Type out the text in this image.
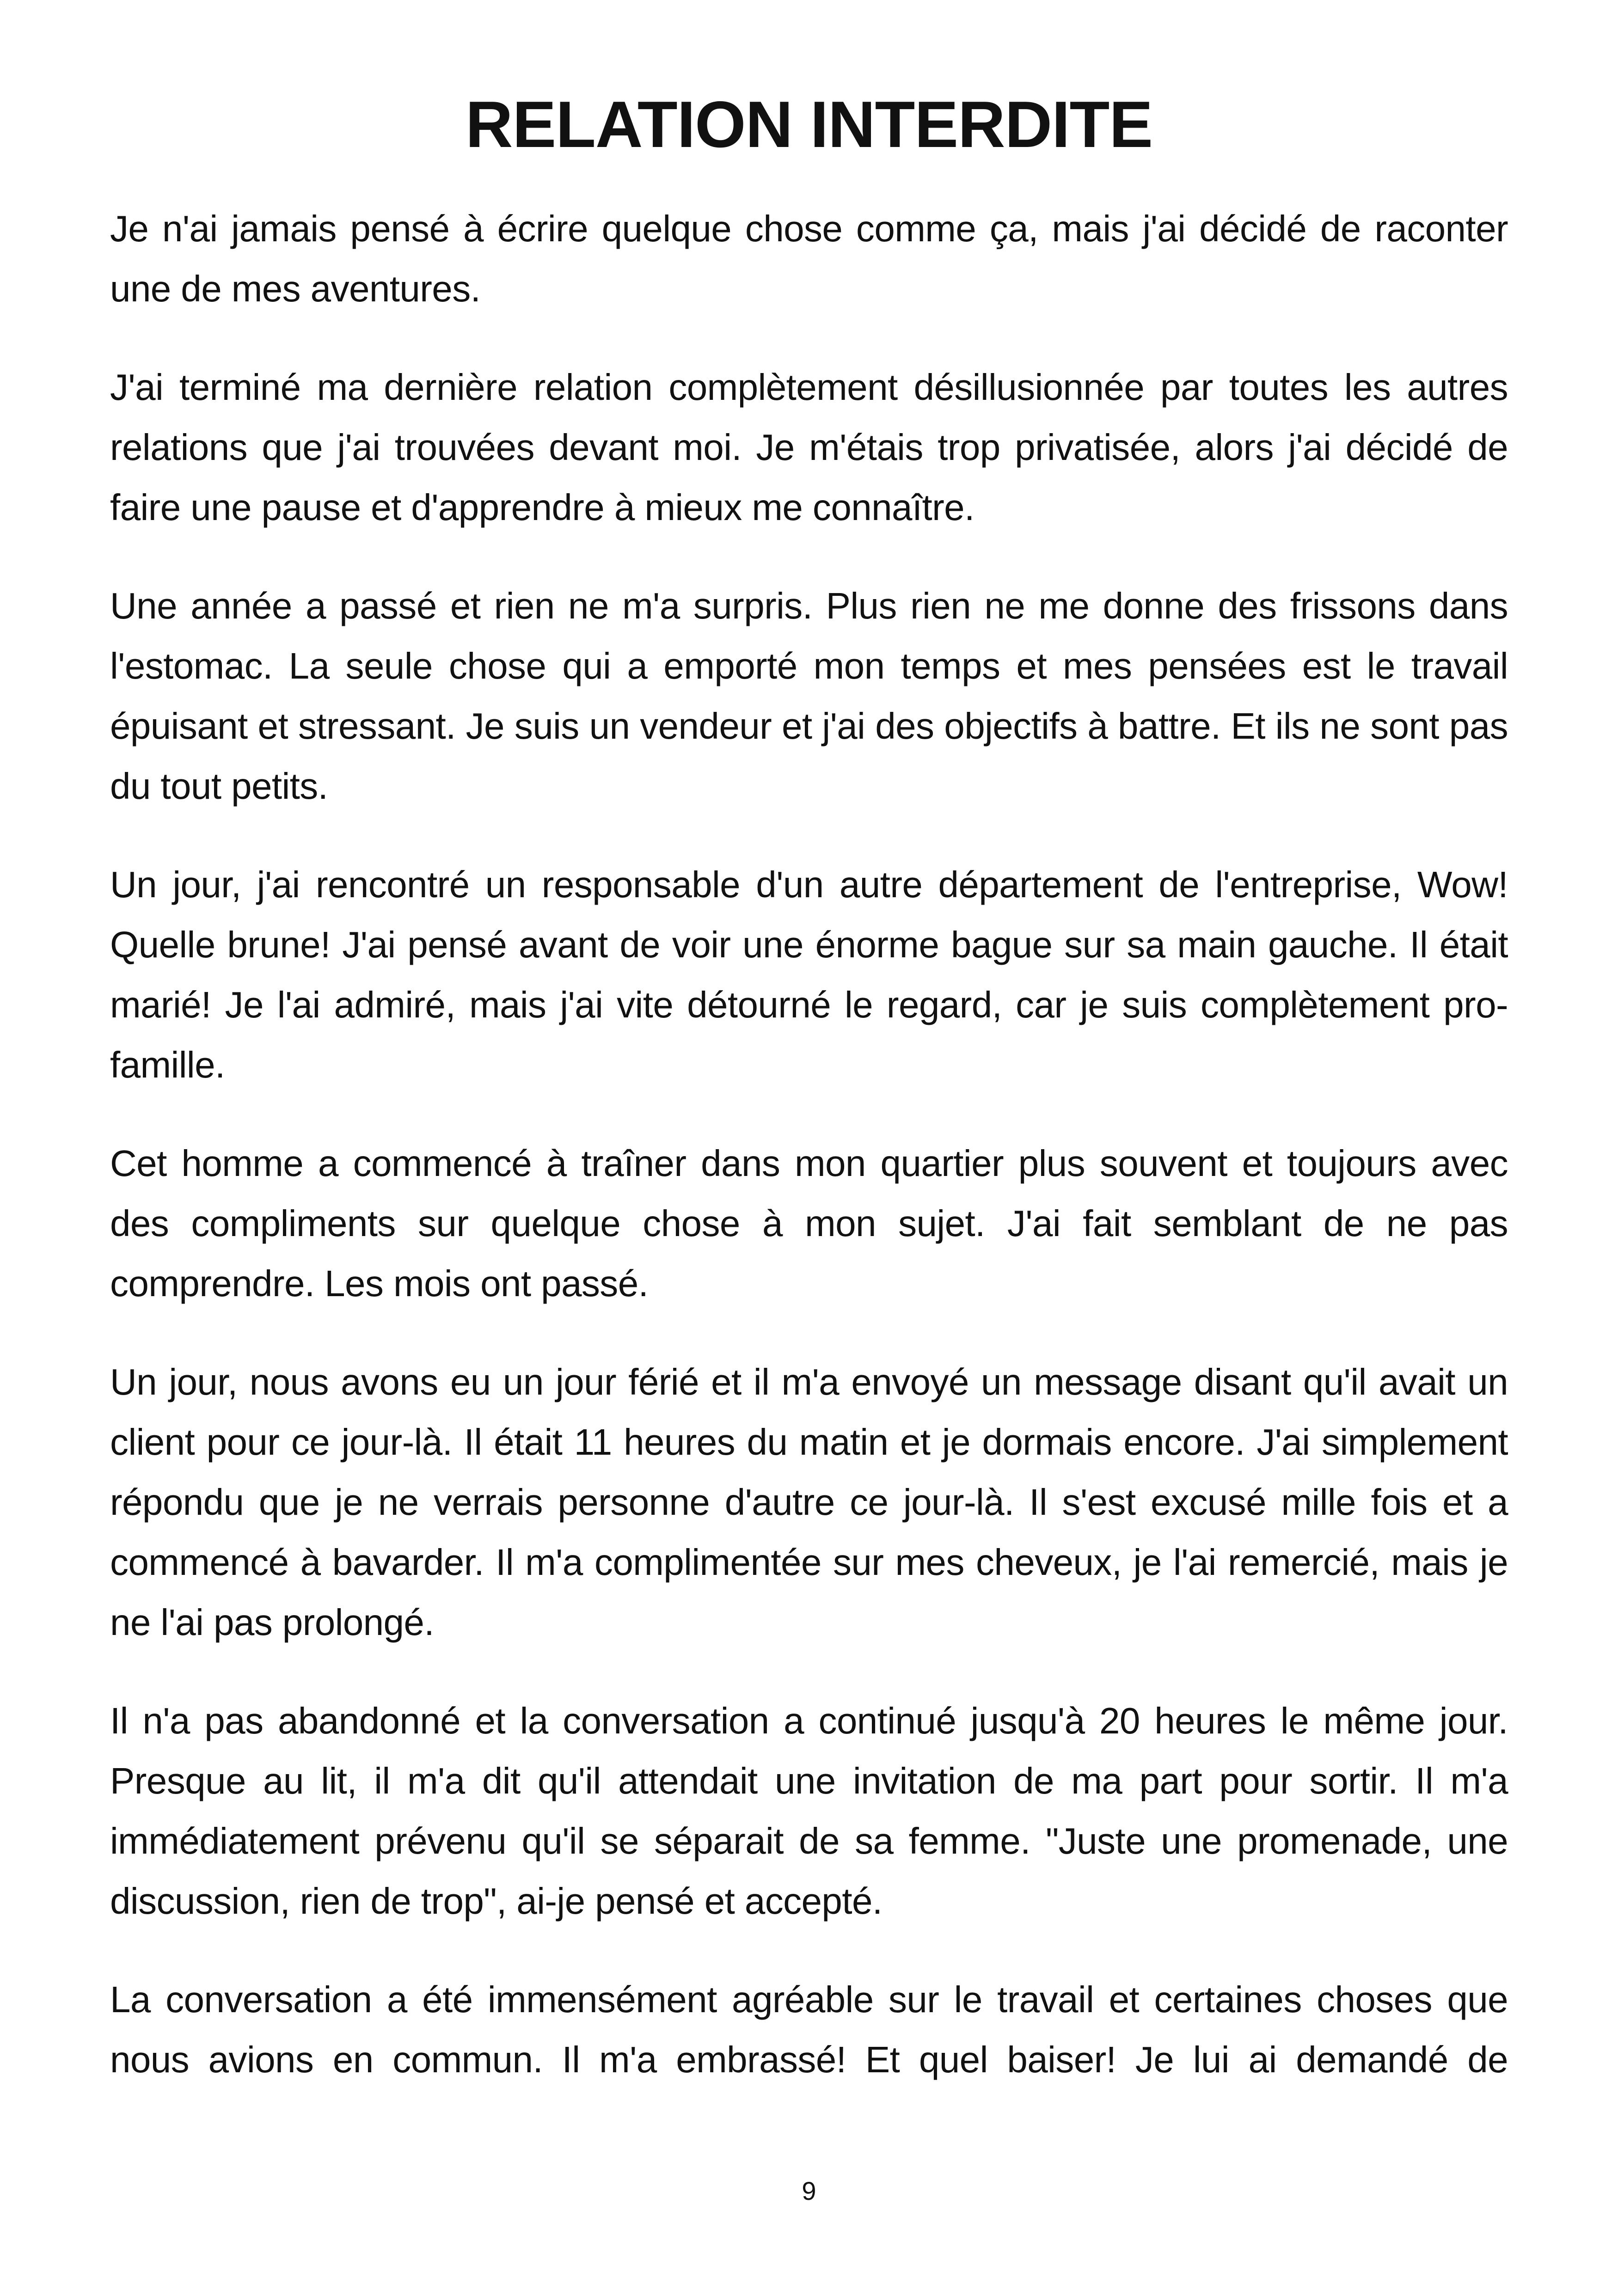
RELATION INTERDITE

Je n'ai jamais pensé à écrire quelque chose comme ça, mais j'ai décidé de raconter une de mes aventures.

J'ai terminé ma dernière relation complètement désillusionnée par toutes les autres relations que j'ai trouvées devant moi. Je m'étais trop privatisée, alors j'ai décidé de faire une pause et d'apprendre à mieux me connaître.

Une année a passé et rien ne m'a surpris. Plus rien ne me donne des frissons dans l'estomac. La seule chose qui a emporté mon temps et mes pensées est le travail épuisant et stressant. Je suis un vendeur et j'ai des objectifs à battre. Et ils ne sont pas du tout petits.

Un jour, j'ai rencontré un responsable d'un autre département de l'entreprise, Wow! Quelle brune! J'ai pensé avant de voir une énorme bague sur sa main gauche. Il était marié! Je l'ai admiré, mais j'ai vite détourné le regard, car je suis complètement pro-famille.

Cet homme a commencé à traîner dans mon quartier plus souvent et toujours avec des compliments sur quelque chose à mon sujet. J'ai fait semblant de ne pas comprendre. Les mois ont passé.

Un jour, nous avons eu un jour férié et il m'a envoyé un message disant qu'il avait un client pour ce jour-là. Il était 11 heures du matin et je dormais encore. J'ai simplement répondu que je ne verrais personne d'autre ce jour-là. Il s'est excusé mille fois et a commencé à bavarder. Il m'a complimentée sur mes cheveux, je l'ai remercié, mais je ne l'ai pas prolongé.

Il n'a pas abandonné et la conversation a continué jusqu'à 20 heures le même jour. Presque au lit, il m'a dit qu'il attendait une invitation de ma part pour sortir. Il m'a immédiatement prévenu qu'il se séparait de sa femme. "Juste une promenade, une discussion, rien de trop", ai-je pensé et accepté.

La conversation a été immensément agréable sur le travail et certaines choses que nous avions en commun. Il m'a embrassé! Et quel baiser! Je lui ai demandé de

9
